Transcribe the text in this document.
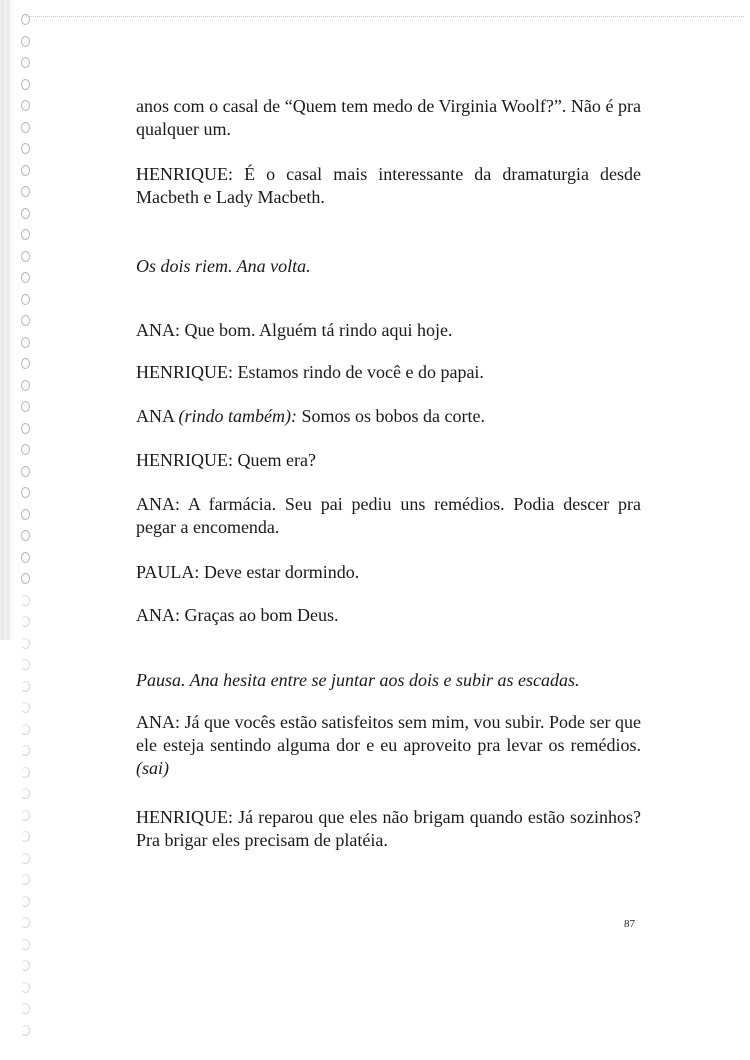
anos com o casal de “Quem tem medo de Virginia Woolf?”. Não é pra qualquer um.

HENRIQUE: É o casal mais interessante da dramaturgia desde Macbeth e Lady Macbeth.

Os dois riem. Ana volta.

ANA: Que bom. Alguém tá rindo aqui hoje.

HENRIQUE: Estamos rindo de você e do papai.

ANA (rindo também): Somos os bobos da corte.

HENRIQUE: Quem era?

ANA: A farmácia. Seu pai pediu uns remédios. Podia descer pra pegar a encomenda.

PAULA: Deve estar dormindo.

ANA: Graças ao bom Deus.

Pausa. Ana hesita entre se juntar aos dois e subir as escadas.

ANA: Já que vocês estão satisfeitos sem mim, vou subir. Pode ser que ele esteja sentindo alguma dor e eu aproveito pra levar os remédios. (sai)

HENRIQUE: Já reparou que eles não brigam quando estão sozinhos? Pra brigar eles precisam de platéia.

87
